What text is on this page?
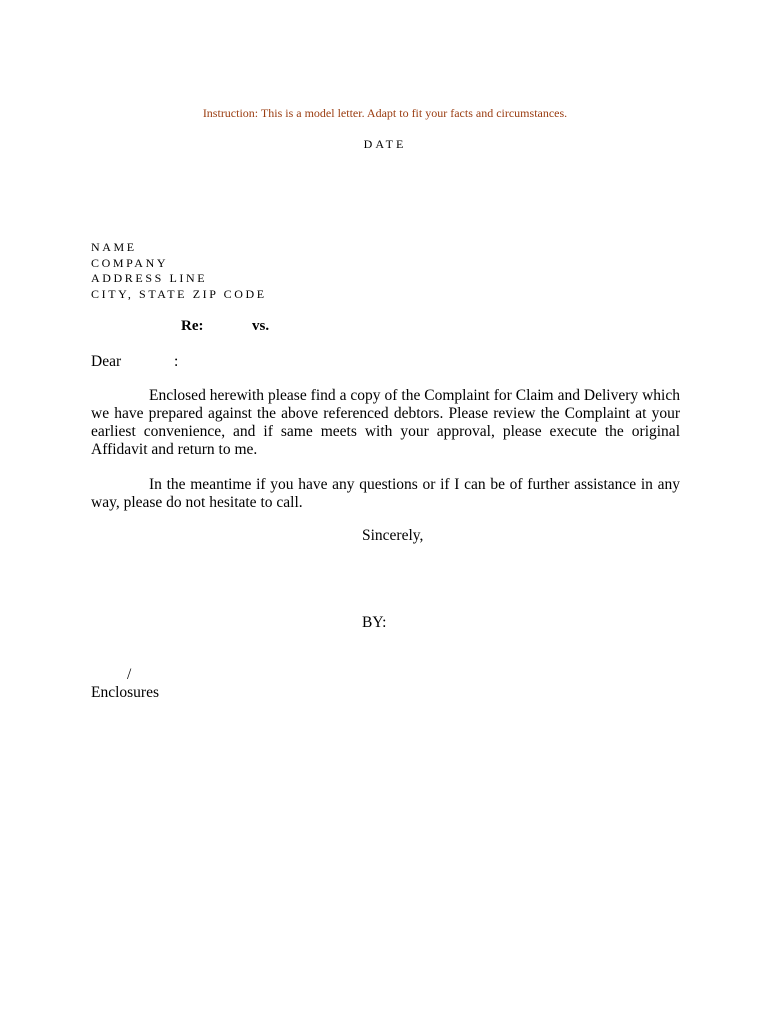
Instruction: This is a model letter. Adapt to fit your facts and circumstances.
DATE
NAME
COMPANY
ADDRESS LINE
CITY, STATE ZIP CODE
Re:	vs.
Dear	:
Enclosed herewith please find a copy of the Complaint for Claim and Delivery which we have prepared against the above referenced debtors. Please review the Complaint at your earliest convenience, and if same meets with your approval, please execute the original Affidavit and return to me.
In the meantime if you have any questions or if I can be of further assistance in any way, please do not hesitate to call.
Sincerely,
BY:
/
Enclosures
